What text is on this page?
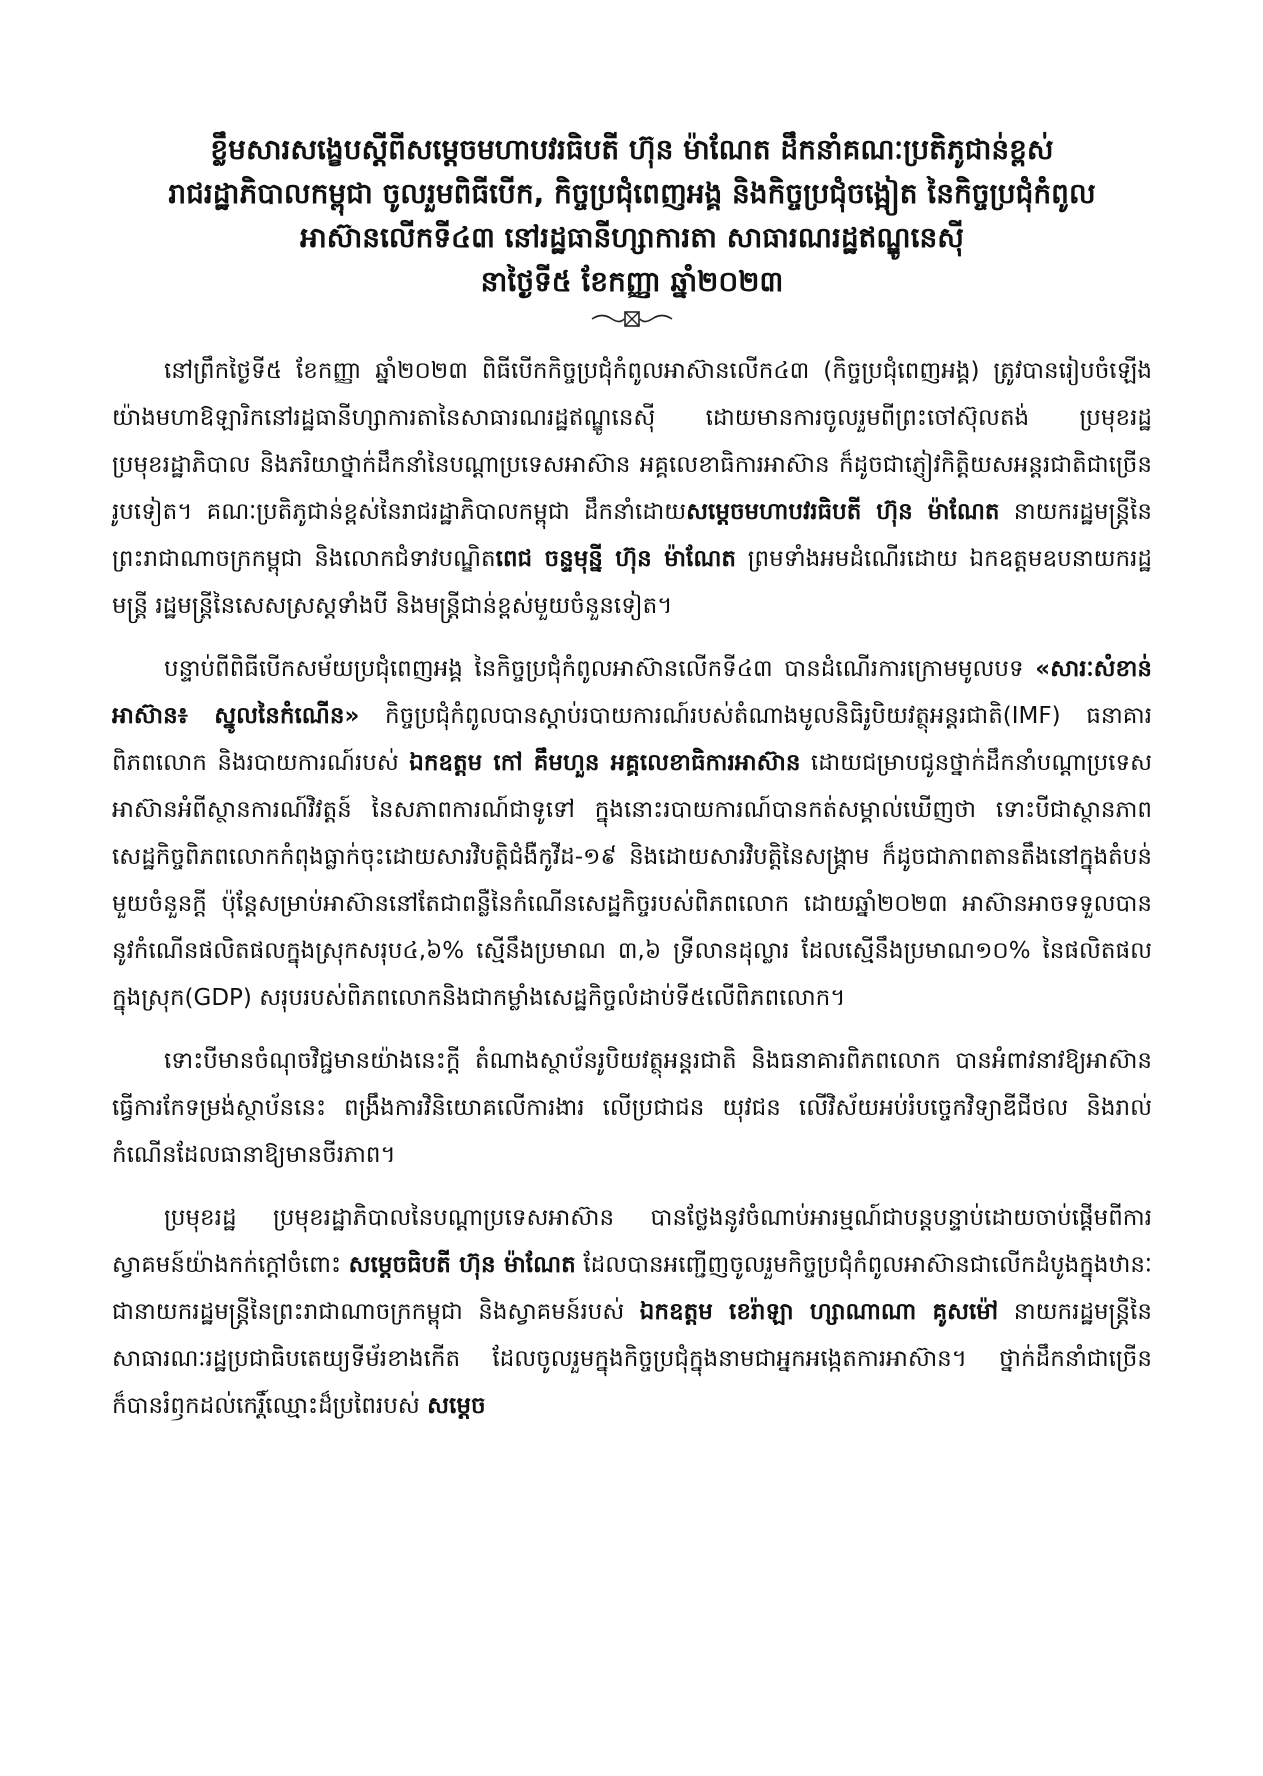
ខ្លឹមសារសង្ខេបស្តីពីសម្តេចមហាបវរធិបតី ហ៊ុន ម៉ាណែត ដឹកនាំគណៈប្រតិភូជាន់ខ្ពស់
រាជរដ្ឋាភិបាលកម្ពុជា ចូលរួមពិធីបើក, កិច្ចប្រជុំពេញអង្គ និងកិច្ចប្រជុំចង្អៀត នៃកិច្ចប្រជុំកំពូល
អាស៊ានលើកទី៤៣ នៅរដ្ឋធានីហ្សាការតា សាធារណរដ្ឋឥណ្ឌូនេស៊ី
នាថ្ងៃទី៥ ខែកញ្ញា ឆ្នាំ២០២៣

នៅព្រឹកថ្ងៃទី៥ ខែកញ្ញា ឆ្នាំ២០២៣ ពិធីបើកកិច្ចប្រជុំកំពូលអាស៊ានលើក៤៣ (កិច្ចប្រជុំពេញអង្គ) ត្រូវបានរៀបចំឡើងយ៉ាងមហាឱឡារិកនៅរដ្ឋធានីហ្សាការតានៃសាធារណរដ្ឋឥណ្ឌូនេស៊ី ដោយមានការចូលរួមពីព្រះចៅស៊ុលតង់ ប្រមុខរដ្ឋ ប្រមុខរដ្ឋាភិបាល និងភរិយាថ្នាក់ដឹកនាំនៃបណ្តាប្រទេសអាស៊ាន អគ្គលេខាធិការអាស៊ាន ក៏ដូចជាភ្ញៀវកិត្តិយសអន្តរជាតិជាច្រើនរូបទៀត។ គណៈប្រតិភូជាន់ខ្ពស់នៃរាជរដ្ឋាភិបាលកម្ពុជា ដឹកនាំដោយសម្តេចមហាបវរធិបតី ហ៊ុន ម៉ាណែត នាយករដ្ឋមន្ត្រីនៃព្រះរាជាណាចក្រកម្ពុជា និងលោកជំទាវបណ្ឌិតពេជ ចន្ទមុន្នី ហ៊ុន ម៉ាណែត ព្រមទាំងអមដំណើរដោយ ឯកឧត្តមឧបនាយករដ្ឋមន្ត្រី រដ្ឋមន្ត្រីនៃសេសស្រស្តទាំងបី និងមន្ត្រីជាន់ខ្ពស់មួយចំនួនទៀត។

បន្ទាប់ពីពិធីបើកសម័យប្រជុំពេញអង្គ នៃកិច្ចប្រជុំកំពូលអាស៊ានលើកទី៤៣ បានដំណើរការក្រោមមូលបទ «សារៈសំខាន់អាស៊ាន៖ ស្នូលនៃកំណើន» កិច្ចប្រជុំកំពូលបានស្តាប់របាយការណ៍របស់តំណាងមូលនិធិរូបិយវត្ថុអន្តរជាតិ(IMF) ធនាគារពិភពលោក និងរបាយការណ៍របស់ ឯកឧត្តម កៅ គឹមហួន អគ្គលេខាធិការអាស៊ាន ដោយជម្រាបជូនថ្នាក់ដឹកនាំបណ្តាប្រទេសអាស៊ានអំពីស្ថានការណ៍វិវត្តន៍ នៃសភាពការណ៍ជាទូទៅ ក្នុងនោះរបាយការណ៍បានកត់សម្គាល់ឃើញថា ទោះបីជាស្ថានភាព សេដ្ឋកិច្ចពិភពលោកកំពុងធ្លាក់ចុះដោយសារវិបត្តិជំងឺកូវីដ-១៩ និងដោយសារវិបត្តិនៃសង្គ្រាម ក៏ដូចជាភាពតានតឹងនៅក្នុងតំបន់មួយចំនួនក្តី ប៉ុន្តែសម្រាប់អាស៊ាននៅតែជាពន្លឺនៃកំណើនសេដ្ឋកិច្ចរបស់ពិភពលោក ដោយឆ្នាំ២០២៣ អាស៊ានអាចទទួលបាននូវកំណើនផលិតផលក្នុងស្រុកសរុប៤,៦% ស្មើនឹងប្រមាណ ៣,៦ ទ្រីលានដុល្លារ ដែលស្មើនឹងប្រមាណ១០% នៃផលិតផលក្នុងស្រុក(GDP) សរុបរបស់ពិភពលោកនិងជាកម្លាំងសេដ្ឋកិច្ចលំដាប់ទី៥លើពិភពលោក។

ទោះបីមានចំណុចវិជ្ជមានយ៉ាងនេះក្តី តំណាងស្ថាប័នរូបិយវត្ថុអន្តរជាតិ និងធនាគារពិភពលោក បានអំពាវនាវឱ្យអាស៊ានធ្វើការកែទម្រង់ស្ថាប័ននេះ ពង្រឹងការវិនិយោគលើការងារ លើប្រជាជន យុវជន លើវិស័យអប់រំបច្ចេកវិទ្យាឌីជីថល និងរាល់កំណើនដែលធានាឱ្យមានចីរភាព។

ប្រមុខរដ្ឋ ប្រមុខរដ្ឋាភិបាលនៃបណ្តាប្រទេសអាស៊ាន បានថ្លែងនូវចំណាប់អារម្មណ៍ជាបន្តបន្ទាប់ដោយចាប់ផ្តើមពីការស្វាគមន៍យ៉ាងកក់ក្តៅចំពោះ សម្តេចធិបតី ហ៊ុន ម៉ាណែត ដែលបានអញ្ជើញចូលរួមកិច្ចប្រជុំកំពូលអាស៊ានជាលើកដំបូងក្នុងឋានៈជានាយករដ្ឋមន្ត្រីនៃព្រះរាជាណាចក្រកម្ពុជា និងស្វាគមន៍របស់ ឯកឧត្តម ខេរ៉ាឡា ហ្សាណាណា គូសម៉ៅ នាយករដ្ឋមន្ត្រីនៃសាធារណៈរដ្ឋប្រជាធិបតេយ្យទីម័រខាងកើត ដែលចូលរួមក្នុងកិច្ចប្រជុំក្នុងនាមជាអ្នកអង្កេតការអាស៊ាន។ ថ្នាក់ដឹកនាំជាច្រើនក៏បានរំឭកដល់កេរ្តិ៍ឈ្មោះដ៏ប្រពៃរបស់ សម្តេច
